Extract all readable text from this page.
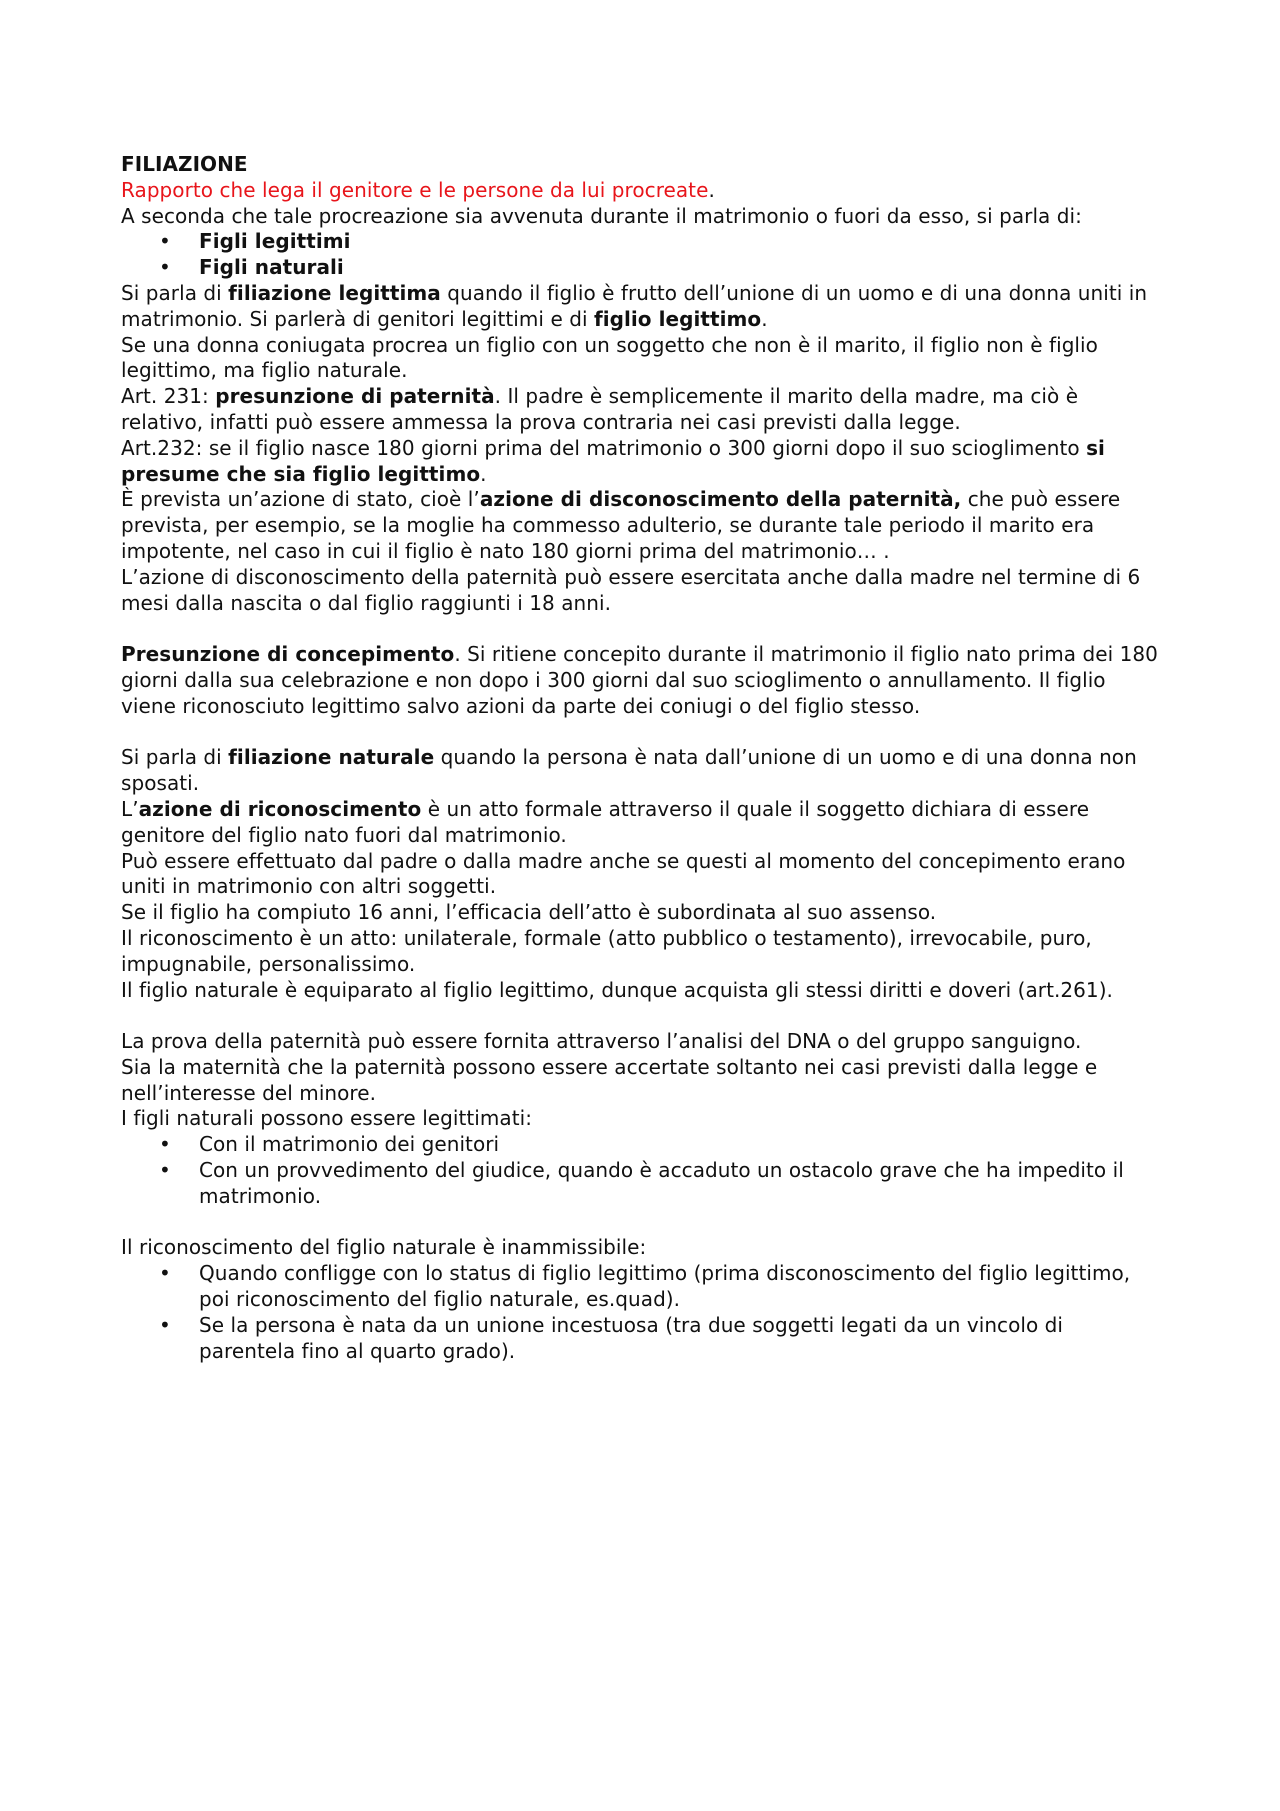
FILIAZIONE

Rapporto che lega il genitore e le persone da lui procreate.

A seconda che tale procreazione sia avvenuta durante il matrimonio o fuori da esso, si parla di:

• Figli legittimi
• Figli naturali

Si parla di filiazione legittima quando il figlio è frutto dell’unione di un uomo e di una donna uniti in matrimonio. Si parlerà di genitori legittimi e di figlio legittimo.

Se una donna coniugata procrea un figlio con un soggetto che non è il marito, il figlio non è figlio legittimo, ma figlio naturale.

Art. 231: presunzione di paternità. Il padre è semplicemente il marito della madre, ma ciò è relativo, infatti può essere ammessa la prova contraria nei casi previsti dalla legge.

Art.232: se il figlio nasce 180 giorni prima del matrimonio o 300 giorni dopo il suo scioglimento si presume che sia figlio legittimo.

È prevista un’azione di stato, cioè l’azione di disconoscimento della paternità, che può essere prevista, per esempio, se la moglie ha commesso adulterio, se durante tale periodo il marito era impotente, nel caso in cui il figlio è nato 180 giorni prima del matrimonio… .

L’azione di disconoscimento della paternità può essere esercitata anche dalla madre nel termine di 6 mesi dalla nascita o dal figlio raggiunti i 18 anni.

Presunzione di concepimento. Si ritiene concepito durante il matrimonio il figlio nato prima dei 180 giorni dalla sua celebrazione e non dopo i 300 giorni dal suo scioglimento o annullamento. Il figlio viene riconosciuto legittimo salvo azioni da parte dei coniugi o del figlio stesso.

Si parla di filiazione naturale quando la persona è nata dall’unione di un uomo e di una donna non sposati.

L’azione di riconoscimento è un atto formale attraverso il quale il soggetto dichiara di essere genitore del figlio nato fuori dal matrimonio.

Può essere effettuato dal padre o dalla madre anche se questi al momento del concepimento erano uniti in matrimonio con altri soggetti.

Se il figlio ha compiuto 16 anni, l’efficacia dell’atto è subordinata al suo assenso.

Il riconoscimento è un atto: unilaterale, formale (atto pubblico o testamento), irrevocabile, puro, impugnabile, personalissimo.

Il figlio naturale è equiparato al figlio legittimo, dunque acquista gli stessi diritti e doveri (art.261).

La prova della paternità può essere fornita attraverso l’analisi del DNA o del gruppo sanguigno.

Sia la maternità che la paternità possono essere accertate soltanto nei casi previsti dalla legge e nell’interesse del minore.

I figli naturali possono essere legittimati:

• Con il matrimonio dei genitori
• Con un provvedimento del giudice, quando è accaduto un ostacolo grave che ha impedito il matrimonio.

Il riconoscimento del figlio naturale è inammissibile:

• Quando confligge con lo status di figlio legittimo (prima disconoscimento del figlio legittimo, poi riconoscimento del figlio naturale, es.quad).
• Se la persona è nata da un unione incestuosa (tra due soggetti legati da un vincolo di parentela fino al quarto grado).
